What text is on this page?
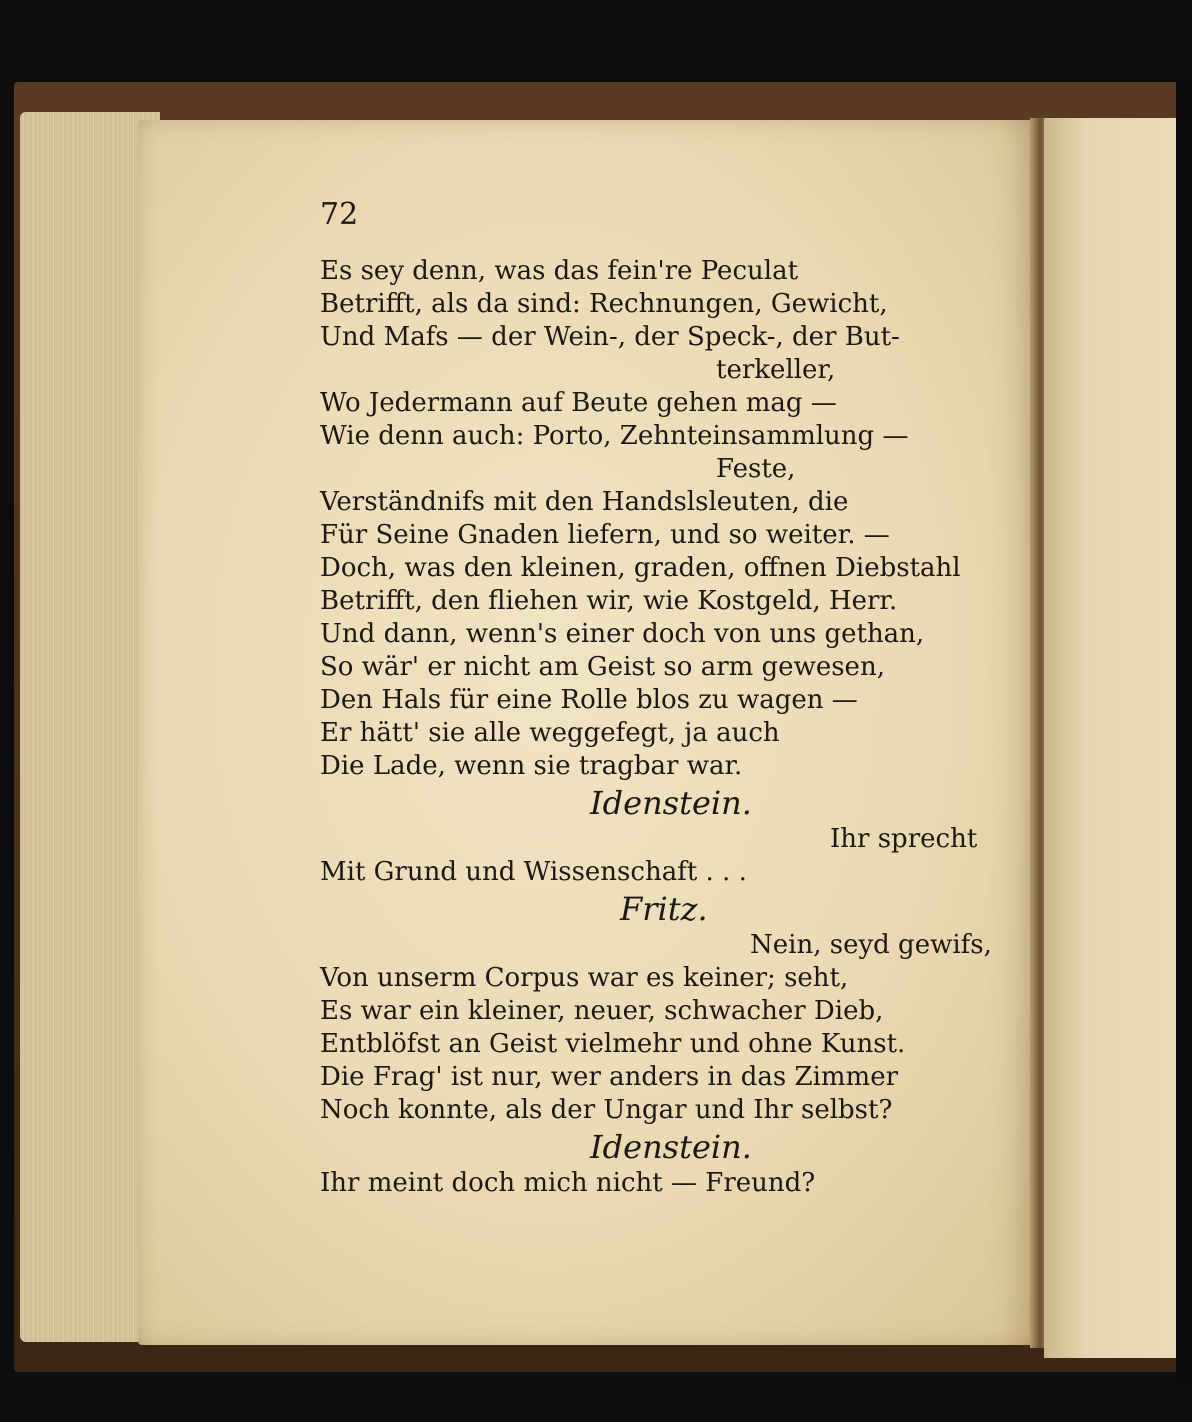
72
Es sey denn, was das fein're Peculat
Betrifft, als da sind: Rechnungen, Gewicht,
Und Mafs — der Wein-, der Speck-, der But-
terkeller,
Wo Jedermann auf Beute gehen mag —
Wie denn auch: Porto, Zehnteinsammlung —
Feste,
Verständnifs mit den Handslsleuten, die
Für Seine Gnaden liefern, und so weiter. —
Doch, was den kleinen, graden, offnen Diebstahl
Betrifft, den fliehen wir, wie Kostgeld, Herr.
Und dann, wenn's einer doch von uns gethan,
So wär' er nicht am Geist so arm gewesen,
Den Hals für eine Rolle blos zu wagen —
Er hätt' sie alle weggefegt, ja auch
Die Lade, wenn sie tragbar war.
Idenstein.
Ihr sprecht
Mit Grund und Wissenschaft . . .
Fritz.
Nein, seyd gewifs,
Von unserm Corpus war es keiner; seht,
Es war ein kleiner, neuer, schwacher Dieb,
Entblöfst an Geist vielmehr und ohne Kunst.
Die Frag' ist nur, wer anders in das Zimmer
Noch konnte, als der Ungar und Ihr selbst?
Idenstein.
Ihr meint doch mich nicht — Freund?
